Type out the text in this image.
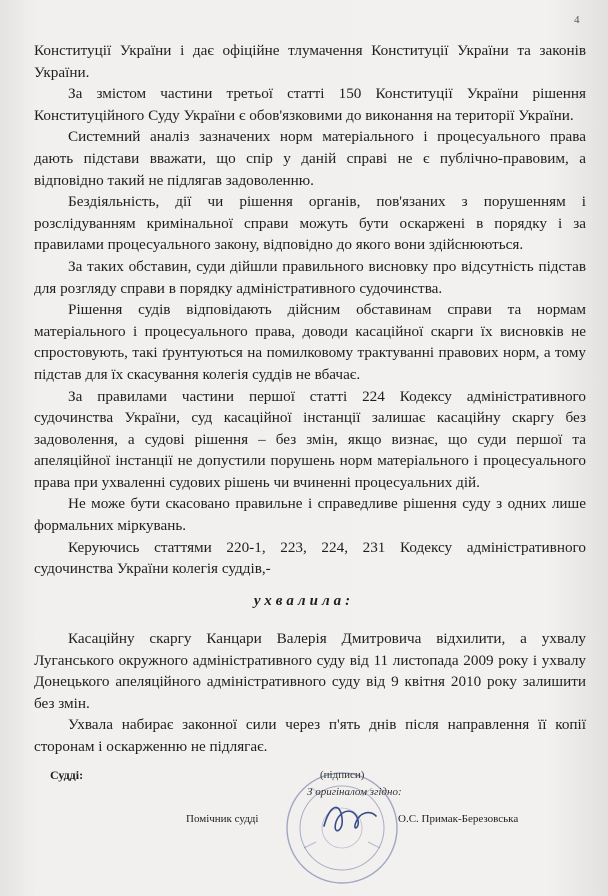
4

Конституції України і дає офіційне тлумачення Конституції України та законів України.

За змістом частини третьої статті 150 Конституції України рішення Конституційного Суду України є обов'язковими до виконання на території України.

Системний аналіз зазначених норм матеріального і процесуального права дають підстави вважати, що спір у даній справі не є публічно-правовим, а відповідно такий не підлягав задоволенню.

Бездіяльність, дії чи рішення органів, пов'язаних з порушенням і розслідуванням кримінальної справи можуть бути оскаржені в порядку і за правилами процесуального закону, відповідно до якого вони здійснюються.

За таких обставин, суди дійшли правильного висновку про відсутність підстав для розгляду справи в порядку адміністративного судочинства.

Рішення судів відповідають дійсним обставинам справи та нормам матеріального і процесуального права, доводи касаційної скарги їх висновків не спростовують, такі ґрунтуються на помилковому трактуванні правових норм, а тому підстав для їх скасування колегія суддів не вбачає.

За правилами частини першої статті 224 Кодексу адміністративного судочинства України, суд касаційної інстанції залишає касаційну скаргу без задоволення, а судові рішення – без змін, якщо визнає, що суди першої та апеляційної інстанції не допустили порушень норм матеріального і процесуального права при ухваленні судових рішень чи вчиненні процесуальних дій.

Не може бути скасовано правильне і справедливе рішення суду з одних лише формальних міркувань.

Керуючись статтями 220-1, 223, 224, 231 Кодексу адміністративного судочинства України колегія суддів,-

ухвалила:

Касаційну скаргу Канцари Валерія Дмитровича відхилити, а ухвалу Луганського окружного адміністративного суду від 11 листопада 2009 року і ухвалу Донецького апеляційного адміністративного суду від 9 квітня 2010 року залишити без змін.

Ухвала набирає законної сили через п'ять днів після направлення її копії сторонам і оскарженню не підлягає.

Судді:	(підписи)
З оригіналом згідно:
Помічник судді	О.С. Примак-Березовська
